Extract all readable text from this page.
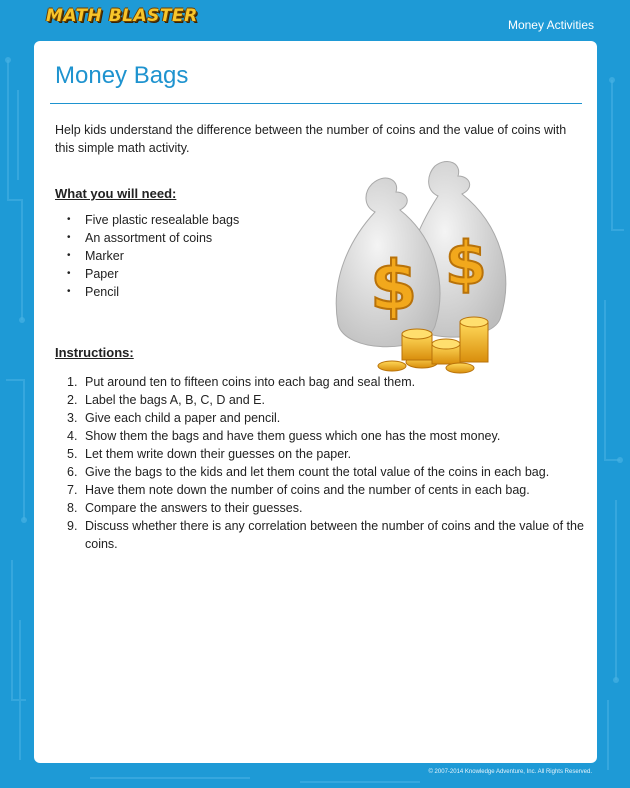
MATH BLASTER	Money Activities
Money Bags

Help kids understand the difference between the number of coins and the value of coins with this simple math activity.

What you will need:
• Five plastic resealable bags
• An assortment of coins
• Marker
• Paper
• Pencil	$ $
Instructions:
1. Put around ten to fifteen coins into each bag and seal them.
2. Label the bags A, B, C, D and E.
3. Give each child a paper and pencil.
4. Show them the bags and have them guess which one has the most money.
5. Let them write down their guesses on the paper.
6. Give the bags to the kids and let them count the total value of the coins in each bag.
7. Have them note down the number of coins and the number of cents in each bag.
8. Compare the answers to their guesses.
9. Discuss whether there is any correlation between the number of coins and the value of the coins.
© 2007-2014 Knowledge Adventure, Inc. All Rights Reserved.
